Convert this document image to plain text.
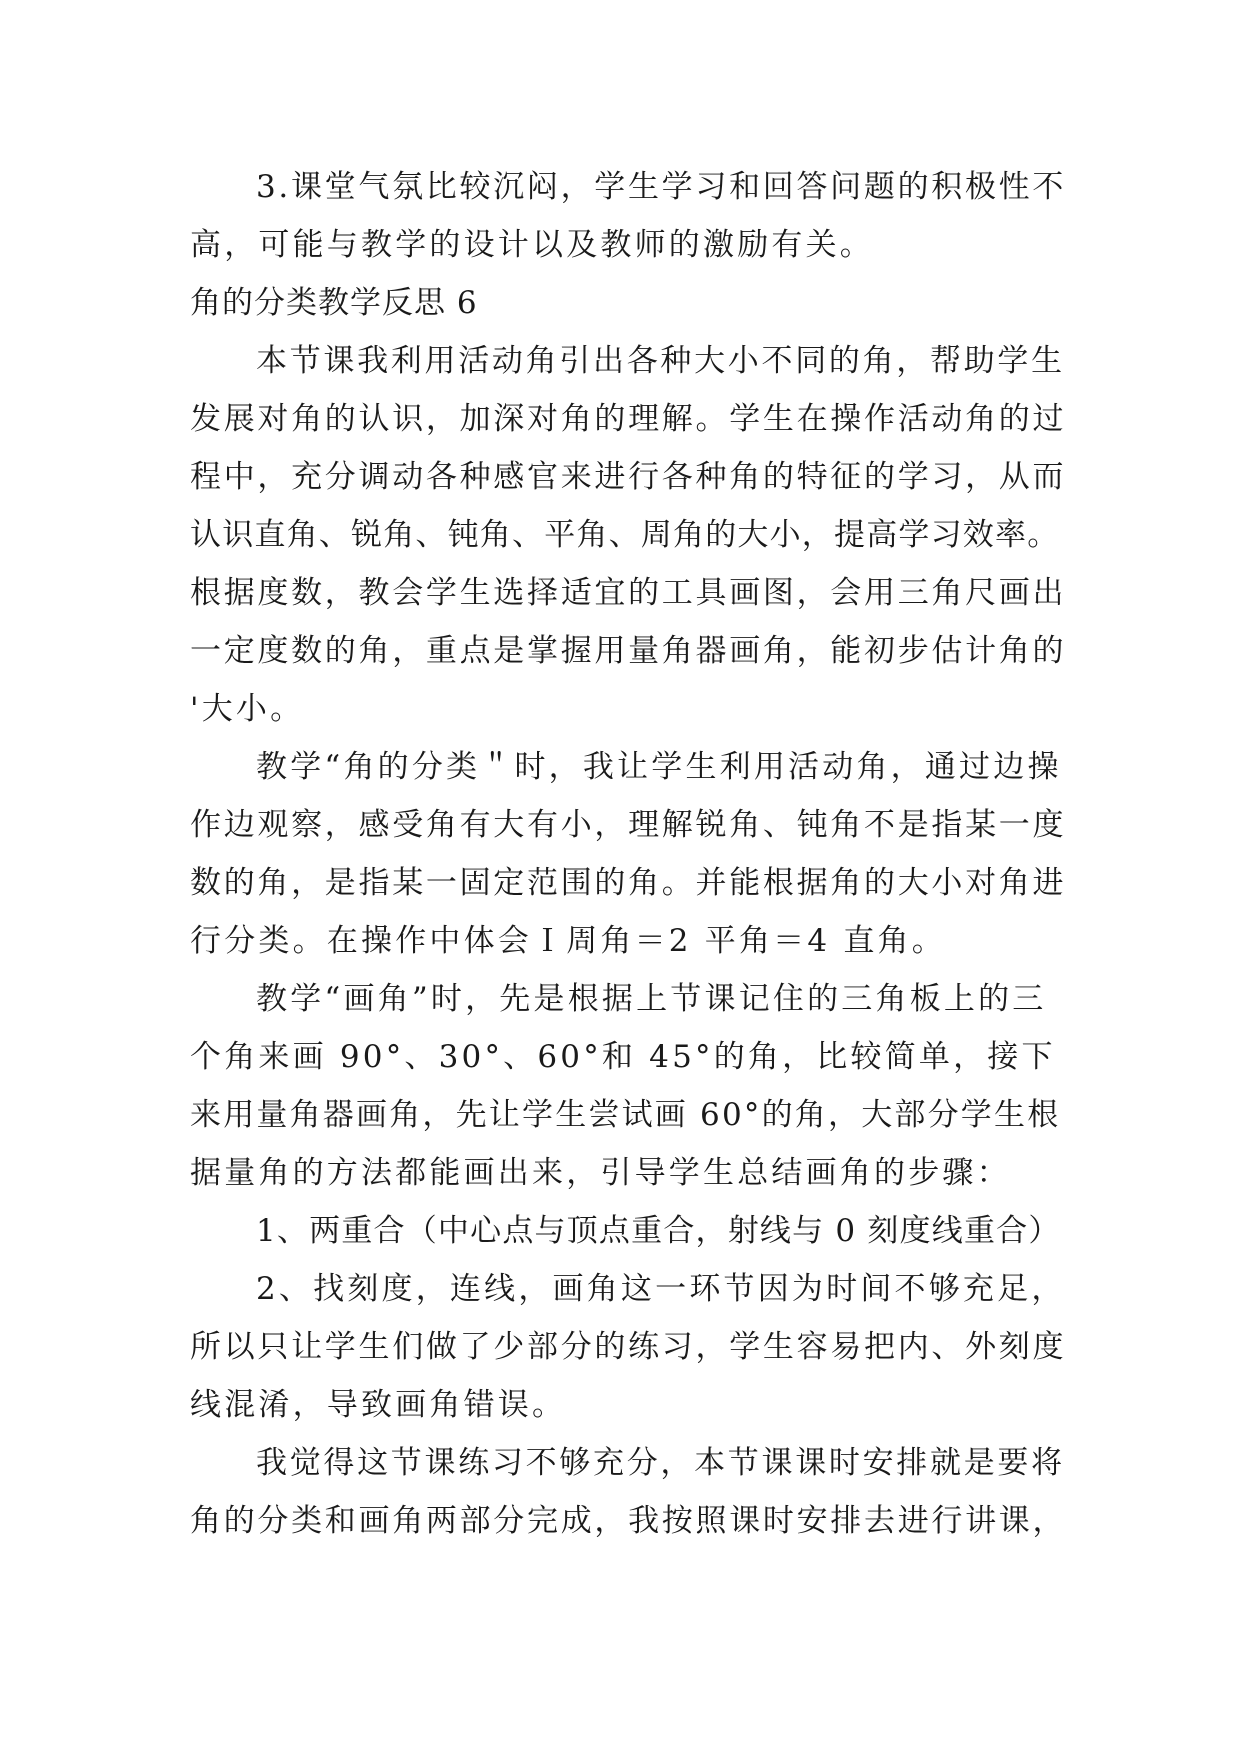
3.课堂气氛比较沉闷，学生学习和回答问题的积极性不
高，可能与教学的设计以及教师的激励有关。
角的分类教学反思 6
本节课我利用活动角引出各种大小不同的角，帮助学生
发展对角的认识，加深对角的理解。学生在操作活动角的过
程中，充分调动各种感官来进行各种角的特征的学习，从而
认识直角、锐角、钝角、平角、周角的大小，提高学习效率。
根据度数，教会学生选择适宜的工具画图，会用三角尺画出
一定度数的角，重点是掌握用量角器画角，能初步估计角的
'大小。
教学“角的分类＂时，我让学生利用活动角，通过边操
作边观察，感受角有大有小，理解锐角、钝角不是指某一度
数的角，是指某一固定范围的角。并能根据角的大小对角进
行分类。在操作中体会Ｉ周角＝2 平角＝4 直角。
教学“画角”时，先是根据上节课记住的三角板上的三
个角来画 90°、30°、60°和 45°的角，比较简单，接下
来用量角器画角，先让学生尝试画 60°的角，大部分学生根
据量角的方法都能画出来，引导学生总结画角的步骤：
1、两重合（中心点与顶点重合，射线与 0 刻度线重合）
2、找刻度，连线，画角这一环节因为时间不够充足，
所以只让学生们做了少部分的练习，学生容易把内、外刻度
线混淆，导致画角错误。
我觉得这节课练习不够充分，本节课课时安排就是要将
角的分类和画角两部分完成，我按照课时安排去进行讲课，
